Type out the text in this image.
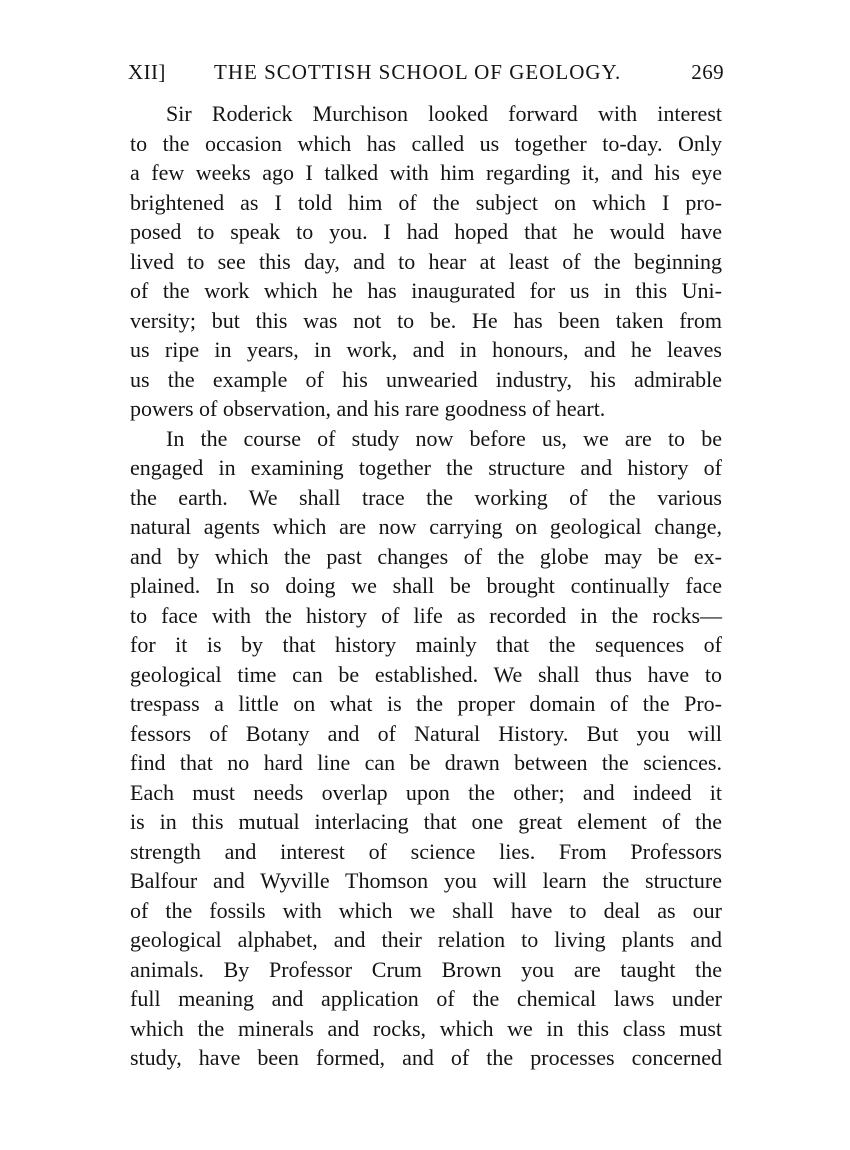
XII] THE SCOTTISH SCHOOL OF GEOLOGY.	269
Sir Roderick Murchison looked forward with interest
to the occasion which has called us together to-day. Only
a few weeks ago I talked with him regarding it, and his eye
brightened as I told him of the subject on which I pro-
posed to speak to you. I had hoped that he would have
lived to see this day, and to hear at least of the beginning
of the work which he has inaugurated for us in this Uni-
versity; but this was not to be. He has been taken from
us ripe in years, in work, and in honours, and he leaves
us the example of his unwearied industry, his admirable
powers of observation, and his rare goodness of heart.
In the course of study now before us, we are to be
engaged in examining together the structure and history of
the earth. We shall trace the working of the various
natural agents which are now carrying on geological change,
and by which the past changes of the globe may be ex-
plained. In so doing we shall be brought continually face
to face with the history of life as recorded in the rocks—
for it is by that history mainly that the sequences of
geological time can be established. We shall thus have to
trespass a little on what is the proper domain of the Pro-
fessors of Botany and of Natural History. But you will
find that no hard line can be drawn between the sciences.
Each must needs overlap upon the other; and indeed it
is in this mutual interlacing that one great element of the
strength and interest of science lies. From Professors
Balfour and Wyville Thomson you will learn the structure
of the fossils with which we shall have to deal as our
geological alphabet, and their relation to living plants and
animals. By Professor Crum Brown you are taught the
full meaning and application of the chemical laws under
which the minerals and rocks, which we in this class must
study, have been formed, and of the processes concerned
